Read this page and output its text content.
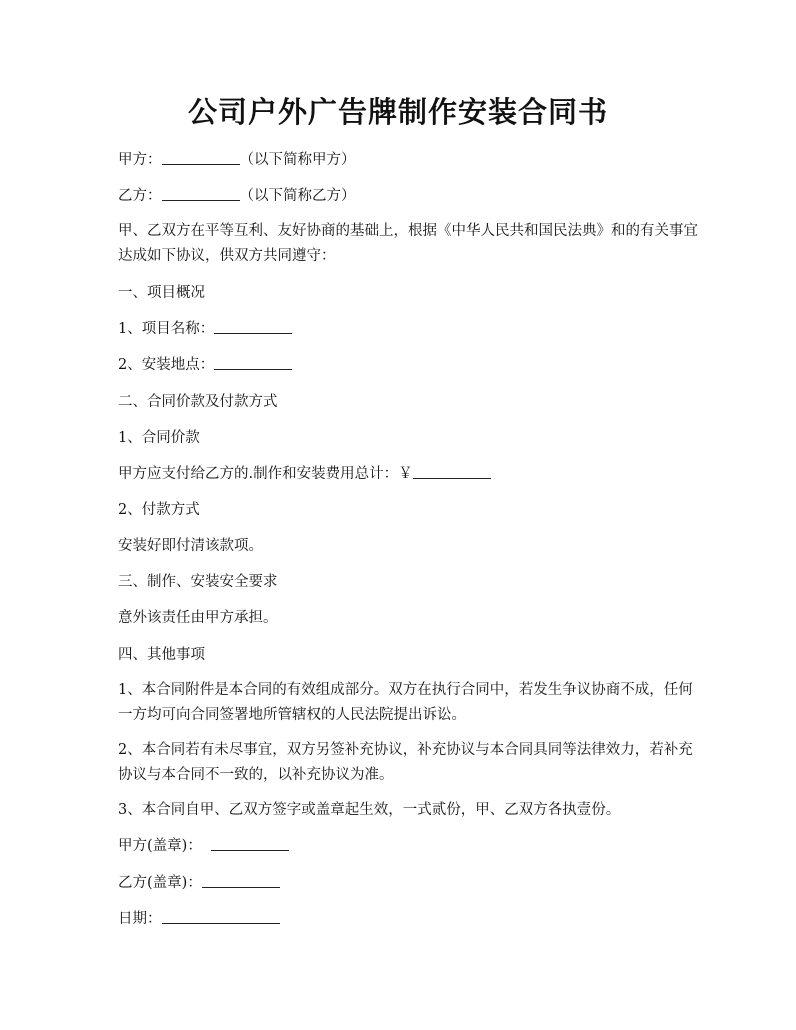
公司户外广告牌制作安装合同书

甲方：	（以下简称甲方）

乙方：	（以下简称乙方）

甲、乙双方在平等互利、友好协商的基础上，根据《中华人民共和国民法典》和的有关事宜达成如下协议，供双方共同遵守：

一、项目概况

1、项目名称：

2、安装地点：

二、合同价款及付款方式

1、合同价款

甲方应支付给乙方的.制作和安装费用总计：￥

2、付款方式

安装好即付清该款项。

三、制作、安装安全要求

意外该责任由甲方承担。

四、其他事项

1、本合同附件是本合同的有效组成部分。双方在执行合同中，若发生争议协商不成，任何一方均可向合同签署地所管辖权的人民法院提出诉讼。

2、本合同若有未尽事宜，双方另签补充协议，补充协议与本合同具同等法律效力，若补充协议与本合同不一致的，以补充协议为准。

3、本合同自甲、乙双方签字或盖章起生效，一式贰份，甲、乙双方各执壹份。

甲方(盖章)：

乙方(盖章)：

日期：
